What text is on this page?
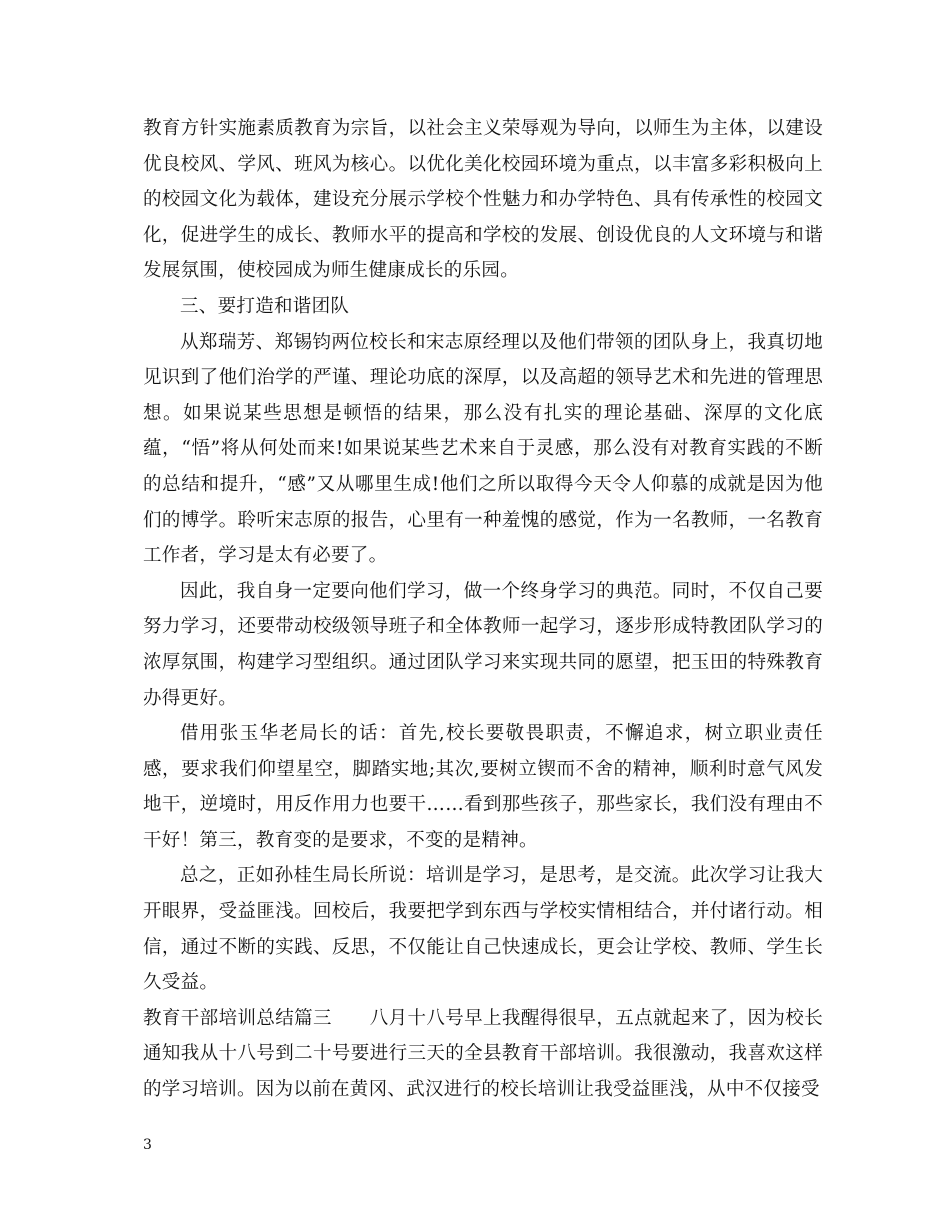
教育方针实施素质教育为宗旨，以社会主义荣辱观为导向，以师生为主体，以建设优良校风、学风、班风为核心。以优化美化校园环境为重点，以丰富多彩积极向上的校园文化为载体，建设充分展示学校个性魅力和办学特色、具有传承性的校园文化，促进学生的成长、教师水平的提高和学校的发展、创设优良的人文环境与和谐发展氛围，使校园成为师生健康成长的乐园。

三、要打造和谐团队

从郑瑞芳、郑锡钧两位校长和宋志原经理以及他们带领的团队身上，我真切地见识到了他们治学的严谨、理论功底的深厚，以及高超的领导艺术和先进的管理思想。如果说某些思想是顿悟的结果，那么没有扎实的理论基础、深厚的文化底蕴，“悟”将从何处而来!如果说某些艺术来自于灵感，那么没有对教育实践的不断的总结和提升，“感”又从哪里生成!他们之所以取得今天令人仰慕的成就是因为他们的博学。聆听宋志原的报告，心里有一种羞愧的感觉，作为一名教师，一名教育工作者，学习是太有必要了。

因此，我自身一定要向他们学习，做一个终身学习的典范。同时，不仅自己要努力学习，还要带动校级领导班子和全体教师一起学习，逐步形成特教团队学习的浓厚氛围，构建学习型组织。通过团队学习来实现共同的愿望，把玉田的特殊教育办得更好。

借用张玉华老局长的话：首先,校长要敬畏职责，不懈追求，树立职业责任感，要求我们仰望星空，脚踏实地;其次,要树立锲而不舍的精神，顺利时意气风发地干，逆境时，用反作用力也要干……看到那些孩子，那些家长，我们没有理由不干好！第三，教育变的是要求，不变的是精神。

总之，正如孙桂生局长所说：培训是学习，是思考，是交流。此次学习让我大开眼界，受益匪浅。回校后，我要把学到东西与学校实情相结合，并付诸行动。相信，通过不断的实践、反思，不仅能让自己快速成长，更会让学校、教师、学生长久受益。

教育干部培训总结篇三　　八月十八号早上我醒得很早，五点就起来了，因为校长通知我从十八号到二十号要进行三天的全县教育干部培训。我很激动，我喜欢这样的学习培训。因为以前在黄冈、武汉进行的校长培训让我受益匪浅，从中不仅接受

3
